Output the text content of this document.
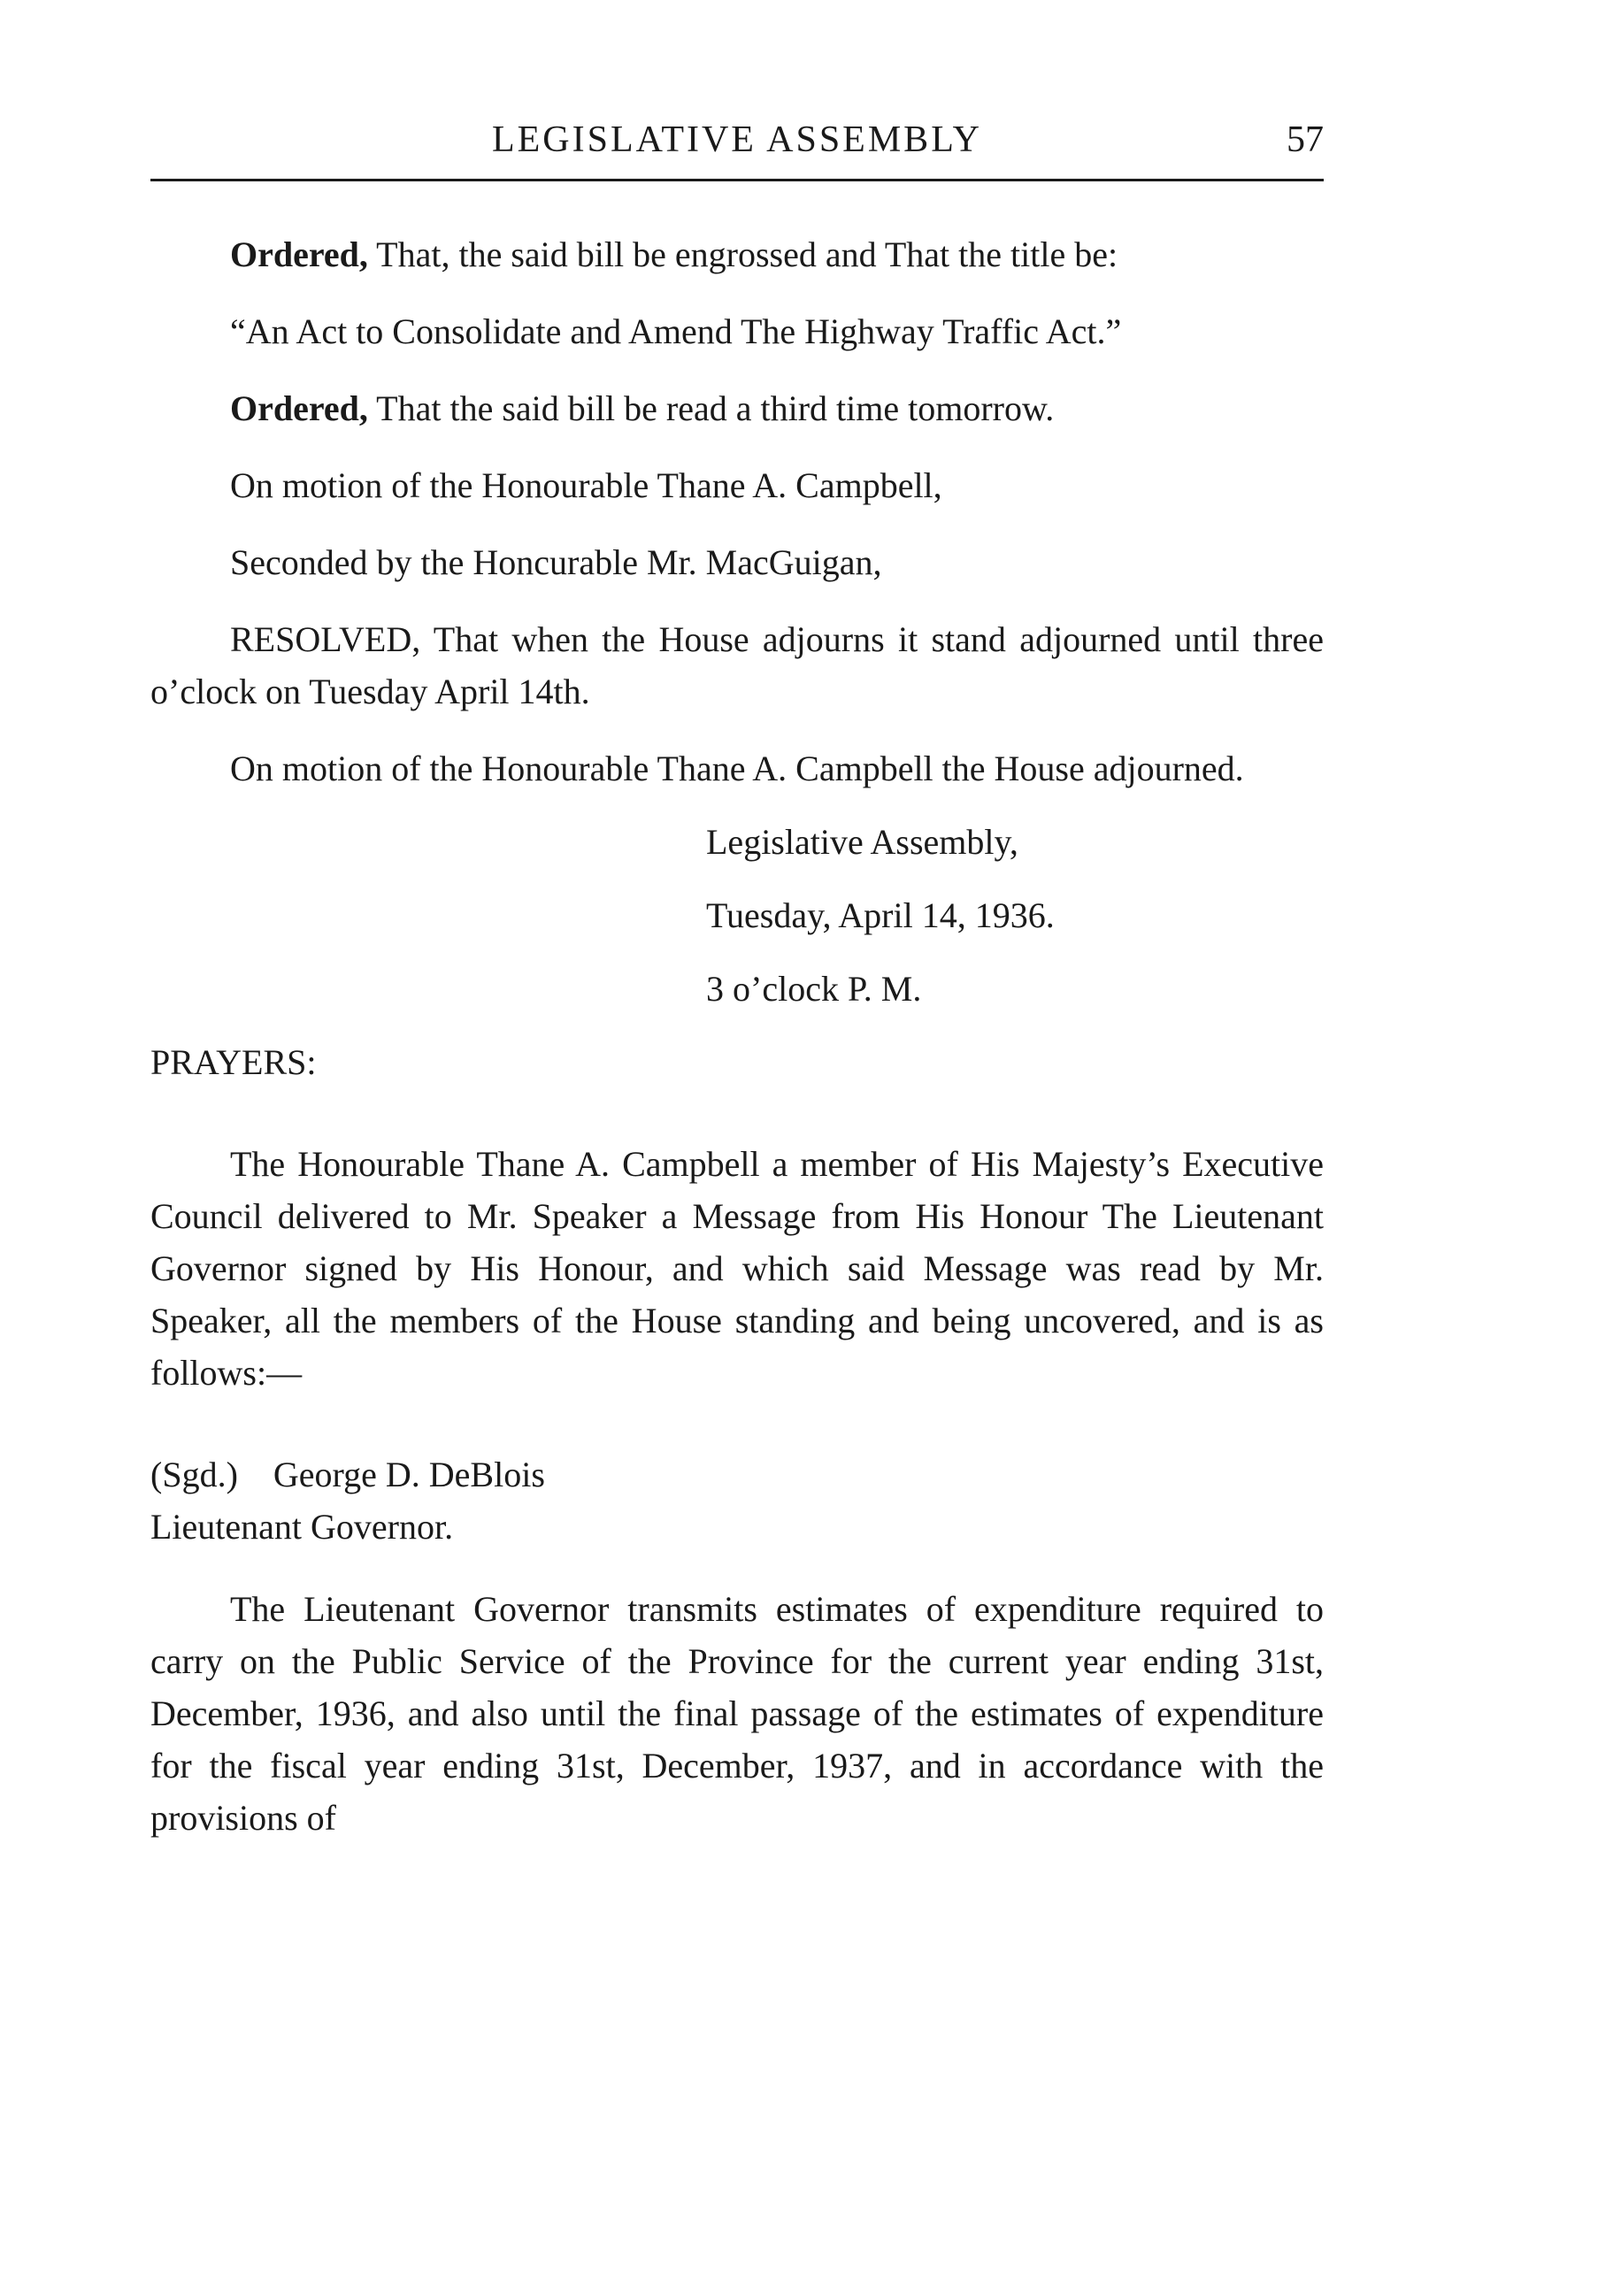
LEGISLATIVE ASSEMBLY	57

Ordered, That, the said bill be engrossed and That the title be:

“An Act to Consolidate and Amend The Highway Traffic Act.”

Ordered, That the said bill be read a third time tomorrow.

On motion of the Honourable Thane A. Campbell,

Seconded by the Honcurable Mr. MacGuigan,

RESOLVED, That when the House adjourns it stand adjourned until three o’clock on Tuesday April 14th.

On motion of the Honourable Thane A. Campbell the House adjourned.

Legislative Assembly,
Tuesday, April 14, 1936.
3 o’clock P. M.

PRAYERS:

The Honourable Thane A. Campbell a member of His Majesty’s Executive Council delivered to Mr. Speaker a Message from His Honour The Lieutenant Governor signed by His Honour, and which said Message was read by Mr. Speaker, all the members of the House standing and being uncovered, and is as follows:—

(Sgd.) George D. DeBlois

Lieutenant Governor.

The Lieutenant Governor transmits estimates of expenditure required to carry on the Public Service of the Province for the current year ending 31st, December, 1936, and also until the final passage of the estimates of expenditure for the fiscal year ending 31st, December, 1937, and in accordance with the provisions of
